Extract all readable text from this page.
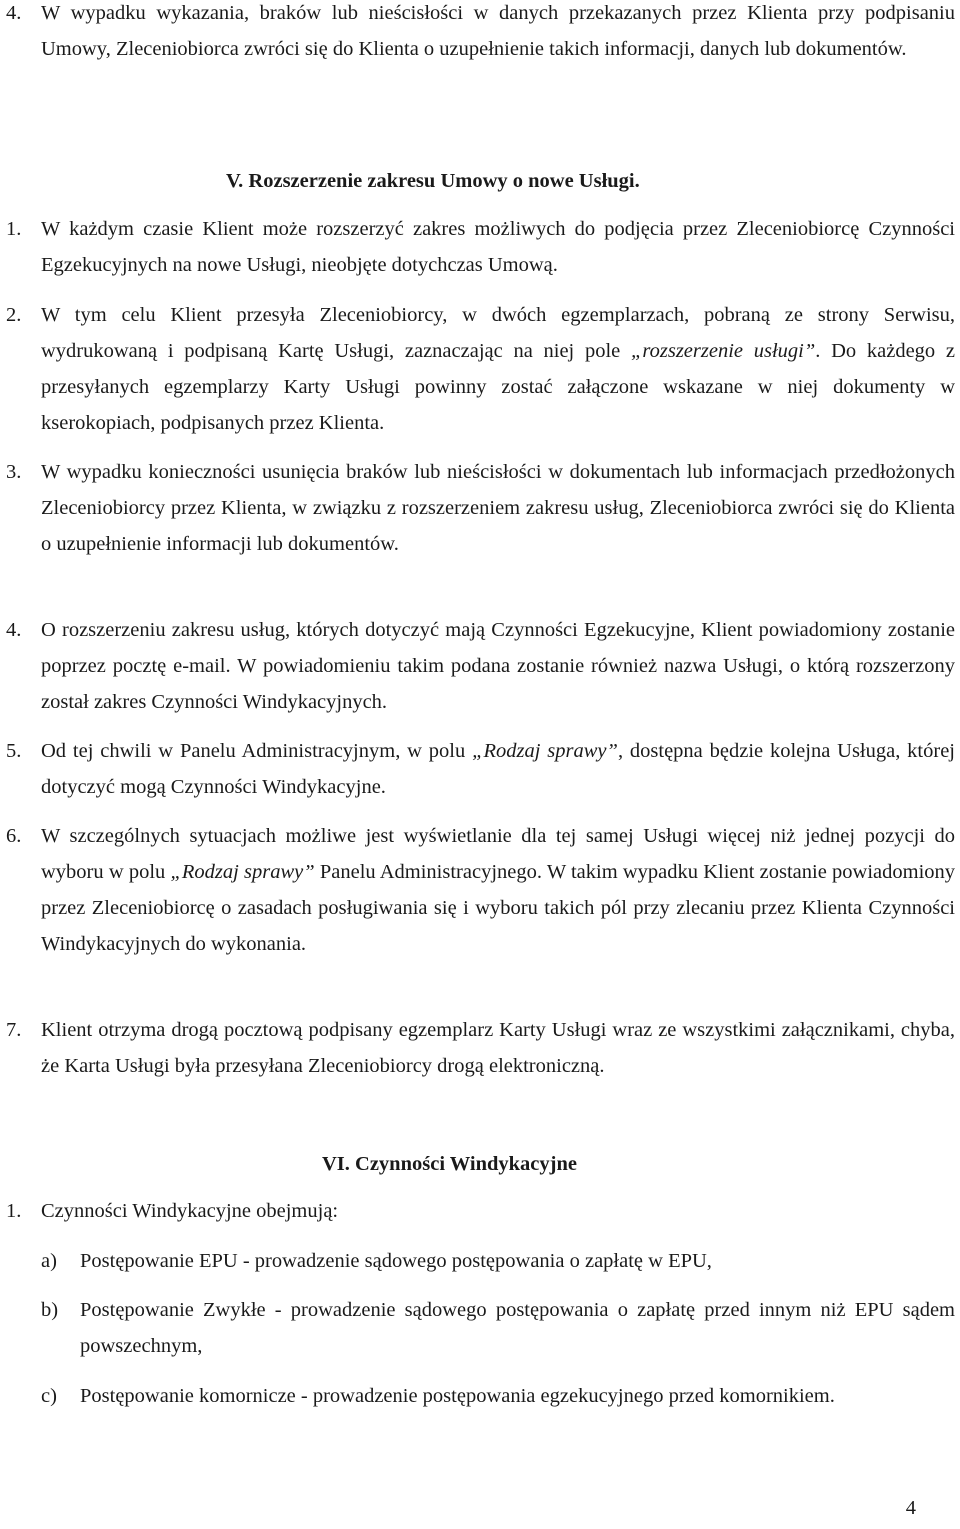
4. W wypadku wykazania, braków lub nieścisłości w danych przekazanych przez Klienta przy podpisaniu Umowy, Zleceniobiorca zwróci się do Klienta o uzupełnienie takich informacji, danych lub dokumentów.
V. Rozszerzenie zakresu Umowy o nowe Usługi.
1. W każdym czasie Klient może rozszerzyć zakres możliwych do podjęcia przez Zleceniobiorcę Czynności Egzekucyjnych na nowe Usługi, nieobjęte dotychczas Umową.
2. W tym celu Klient przesyła Zleceniobiorcy, w dwóch egzemplarzach, pobraną ze strony Serwisu, wydrukowaną i podpisaną Kartę Usługi, zaznaczając na niej pole „rozszerzenie usługi”. Do każdego z przesyłanych egzemplarzy Karty Usługi powinny zostać załączone wskazane w niej dokumenty w kserokopiach, podpisanych przez Klienta.
3. W wypadku konieczności usunięcia braków lub nieścisłości w dokumentach lub informacjach przedłożonych Zleceniobiorcy przez Klienta, w związku z rozszerzeniem zakresu usług, Zleceniobiorca zwróci się do Klienta o uzupełnienie informacji lub dokumentów.
4. O rozszerzeniu zakresu usług, których dotyczyć mają Czynności Egzekucyjne, Klient powiadomiony zostanie poprzez pocztę e-mail. W powiadomieniu takim podana zostanie również nazwa Usługi, o którą rozszerzony został zakres Czynności Windykacyjnych.
5. Od tej chwili w Panelu Administracyjnym, w polu „Rodzaj sprawy”, dostępna będzie kolejna Usługa, której dotyczyć mogą Czynności Windykacyjne.
6. W szczególnych sytuacjach możliwe jest wyświetlanie dla tej samej Usługi więcej niż jednej pozycji do wyboru w polu „Rodzaj sprawy” Panelu Administracyjnego. W takim wypadku Klient zostanie powiadomiony przez Zleceniobiorcę o zasadach posługiwania się i wyboru takich pól przy zlecaniu przez Klienta Czynności Windykacyjnych do wykonania.
7. Klient otrzyma drogą pocztową podpisany egzemplarz Karty Usługi wraz ze wszystkimi załącznikami, chyba, że Karta Usługi była przesyłana Zleceniobiorcy drogą elektroniczną.
VI. Czynności Windykacyjne
1. Czynności Windykacyjne obejmują:
a) Postępowanie EPU - prowadzenie sądowego postępowania o zapłatę w EPU,
b) Postępowanie Zwykłe - prowadzenie sądowego postępowania o zapłatę przed innym niż EPU sądem powszechnym,
c) Postępowanie komornicze - prowadzenie postępowania egzekucyjnego przed komornikiem.
4
